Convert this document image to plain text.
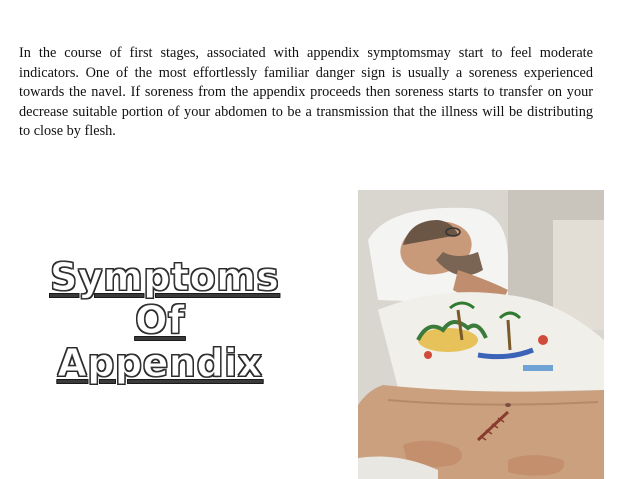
In the course of first stages, associated with appendix symptomsmay start to feel moderate indicators. One of the most effortlessly familiar danger sign is usually a soreness experienced towards the navel. If soreness from the appendix proceeds then soreness starts to transfer on your decrease suitable portion of your abdomen to be a transmission that the illness will be distributing to close by flesh.

Symptoms
Of
Appendix
